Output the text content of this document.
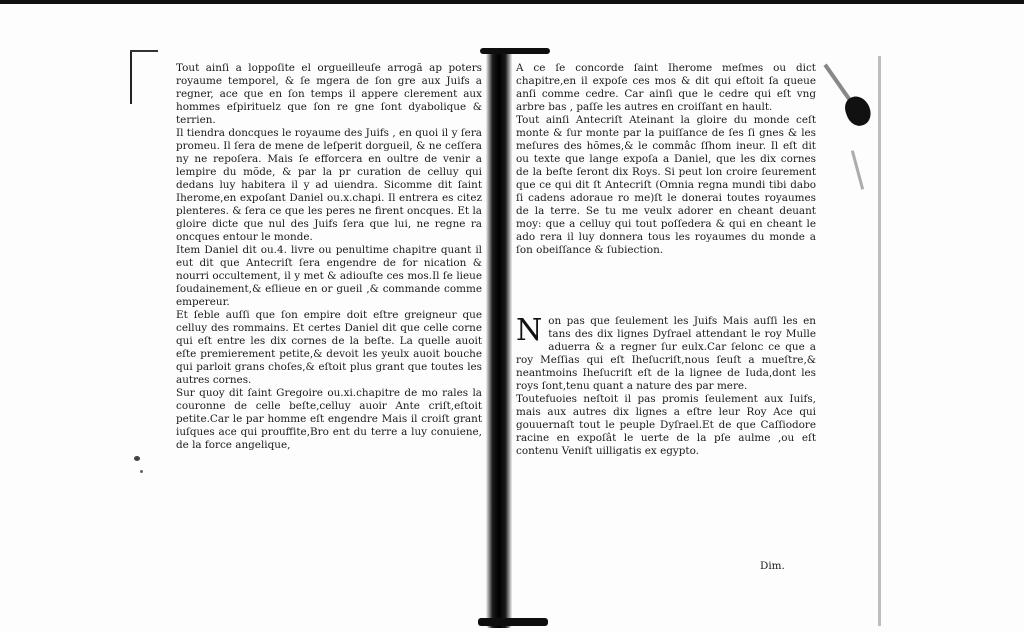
Tout ainſi a loppoſite el orgueilleuſe arrogă ap poters royaume temporel, & ſe mgera de ſon gre aux Juifs a regner, ace que en ſon temps il appere clerement aux hommes eſpirituelz que ſon re gne ſont dyabolique & terrien.

Il tiendra doncques le royaume des Juifs , en quoi il y ſera promeu. Il ſera de mene de leſperit dorgueil, & ne ceſſera ny ne repoſera. Mais ſe efforcera en oultre de venir a lempire du mõde, & par la pr curation de celluy qui dedans luy habitera il y ad uiendra. Sicomme dit ſaint Iherome,en expoſant Daniel ou.x.chapi. Il entrera es citez plenteres. & ſera ce que les peres ne firent oncques. Et la gloire dicte que nul des Juifs ſera que lui, ne regne ra oncques entour le monde.

Item Daniel dit ou.4. livre ou penultime chapitre quant il eut dit que Antecriſt ſera engendre de for nication & nourri occultement, il y met & adiouſte ces mos.Il ſe lieue ſoudainement,& eſlieue en or gueil ,& commande comme empereur.

Et ſeble auſſi que ſon empire doit eſtre greigneur que celluy des rommains. Et certes Daniel dit que celle corne qui eſt entre les dix cornes de la beſte. La quelle auoit eſte premierement petite,& devoit les yeulx auoit bouche qui parloit grans choſes,& eſtoit plus grant que toutes les autres cornes.

Sur quoy dit ſaint Gregoire ou.xi.chapitre de mo rales la couronne de celle beſte,celluy auoir Ante criſt,eſtoit petite.Car le par homme eſt engendre Mais il croiſt grant iuſques ace qui prouffite,Bro ent du terre a luy conuiene, de la force angelique,

A ce ſe concorde ſaint Iherome meſmes ou dict chapitre,en il expoſe ces mos & dit qui eſtoit ſa queue anſi comme cedre. Car ainſi que le cedre qui eſt vng arbre bas , paſſe les autres en croiſſant en hault.

Tout ainſi Antecriſt Ateinant la gloire du monde ceſt monte & ſur monte par la puiſſance de ſes ſi gnes & les meſures des hõmes,& le commâc ſſhom ineur. Il eſt dit ou texte que lange expoſa a Daniel, que les dix cornes de la beſte ſeront dix Roys. Si peut lon croire ſeurement que ce qui dit ſt Antecriſt (Omnia regna mundi tibi dabo ſi cadens adoraue ro me)ſt le donerai toutes royaumes de la terre. Se tu me veulx adorer en cheant deuant moy: que a celluy qui tout poſſedera & qui en cheant le ado rera il luy donnera tous les royaumes du monde a ſon obeiſſance & ſubiection.

Non pas que ſeulement les Juifs Mais auſſi les en tans des dix lignes Dyſrael attendant le roy Mulle aduerra & a regner ſur eulx.Car ſelonc ce que a roy Meſſias qui eſt Iheſucriſt,nous ſeuſt a mueſtre,& neantmoins Iheſucriſt eſt de la lignee de Iuda,dont les roys ſont,tenu quant a nature des par mere.

Toutefuoies neſtoit il pas promis ſeulement aux Iuifs, mais aux autres dix lignes a eſtre leur Roy Ace qui gouuernaſt tout le peuple Dyſrael.Et de que Caſſiodore racine en expoſât le uerte de la pſe aulme ,ou eſt contenu Veniſt uilligatis ex egypto.

Dim.
